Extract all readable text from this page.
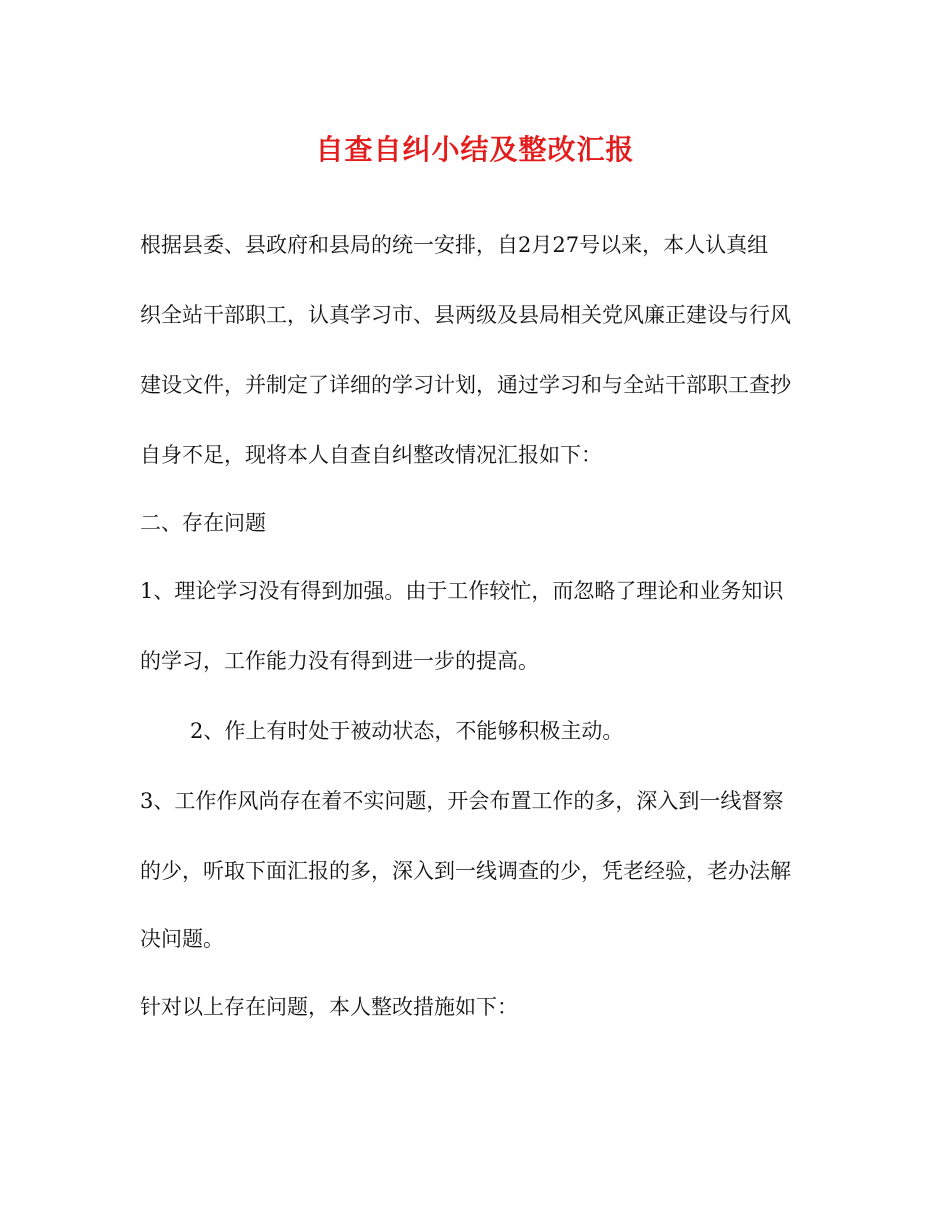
自查自纠小结及整改汇报
根据县委、县政府和县局的统一安排，自2月27号以来，本人认真组
织全站干部职工，认真学习市、县两级及县局相关党风廉正建设与行风
建设文件，并制定了详细的学习计划，通过学习和与全站干部职工查抄
自身不足，现将本人自查自纠整改情况汇报如下：
二、存在问题
1、理论学习没有得到加强。由于工作较忙，而忽略了理论和业务知识
的学习，工作能力没有得到进一步的提高。
2、作上有时处于被动状态，不能够积极主动。
3、工作作风尚存在着不实问题，开会布置工作的多，深入到一线督察
的少，听取下面汇报的多，深入到一线调查的少，凭老经验，老办法解
决问题。
针对以上存在问题，本人整改措施如下：
